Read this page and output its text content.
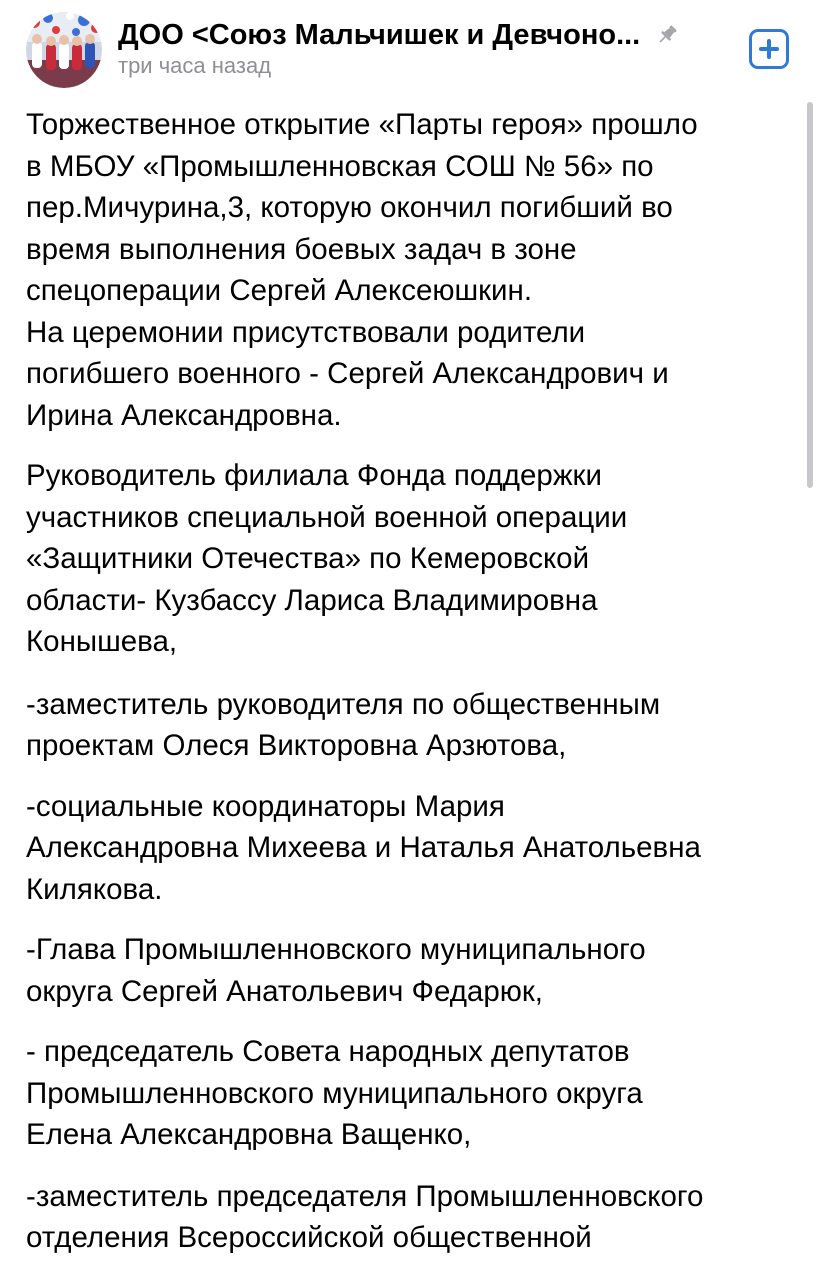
ДОО <Союз Мальчишек и Девчоно...
три часа назад

Торжественное открытие «Парты героя» прошло
в МБОУ «Промышленновская СОШ № 56» по
пер.Мичурина,3, которую окончил погибший во
время выполнения боевых задач в зоне
спецоперации Сергей Алексеюшкин.
На церемонии присутствовали родители
погибшего военного - Сергей Александрович и
Ирина Александровна.

Руководитель филиала Фонда поддержки
участников специальной военной операции
«Защитники Отечества» по Кемеровской
области- Кузбассу Лариса Владимировна
Конышева,

-заместитель руководителя по общественным
проектам Олеся Викторовна Арзютова,

-социальные координаторы Мария
Александровна Михеева и Наталья Анатольевна
Килякова.

-Глава Промышленновского муниципального
округа Сергей Анатольевич Федарюк,

- председатель Совета народных депутатов
Промышленновского муниципального округа
Елена Александровна Ващенко,

-заместитель председателя Промышленновского
отделения Всероссийской общественной
